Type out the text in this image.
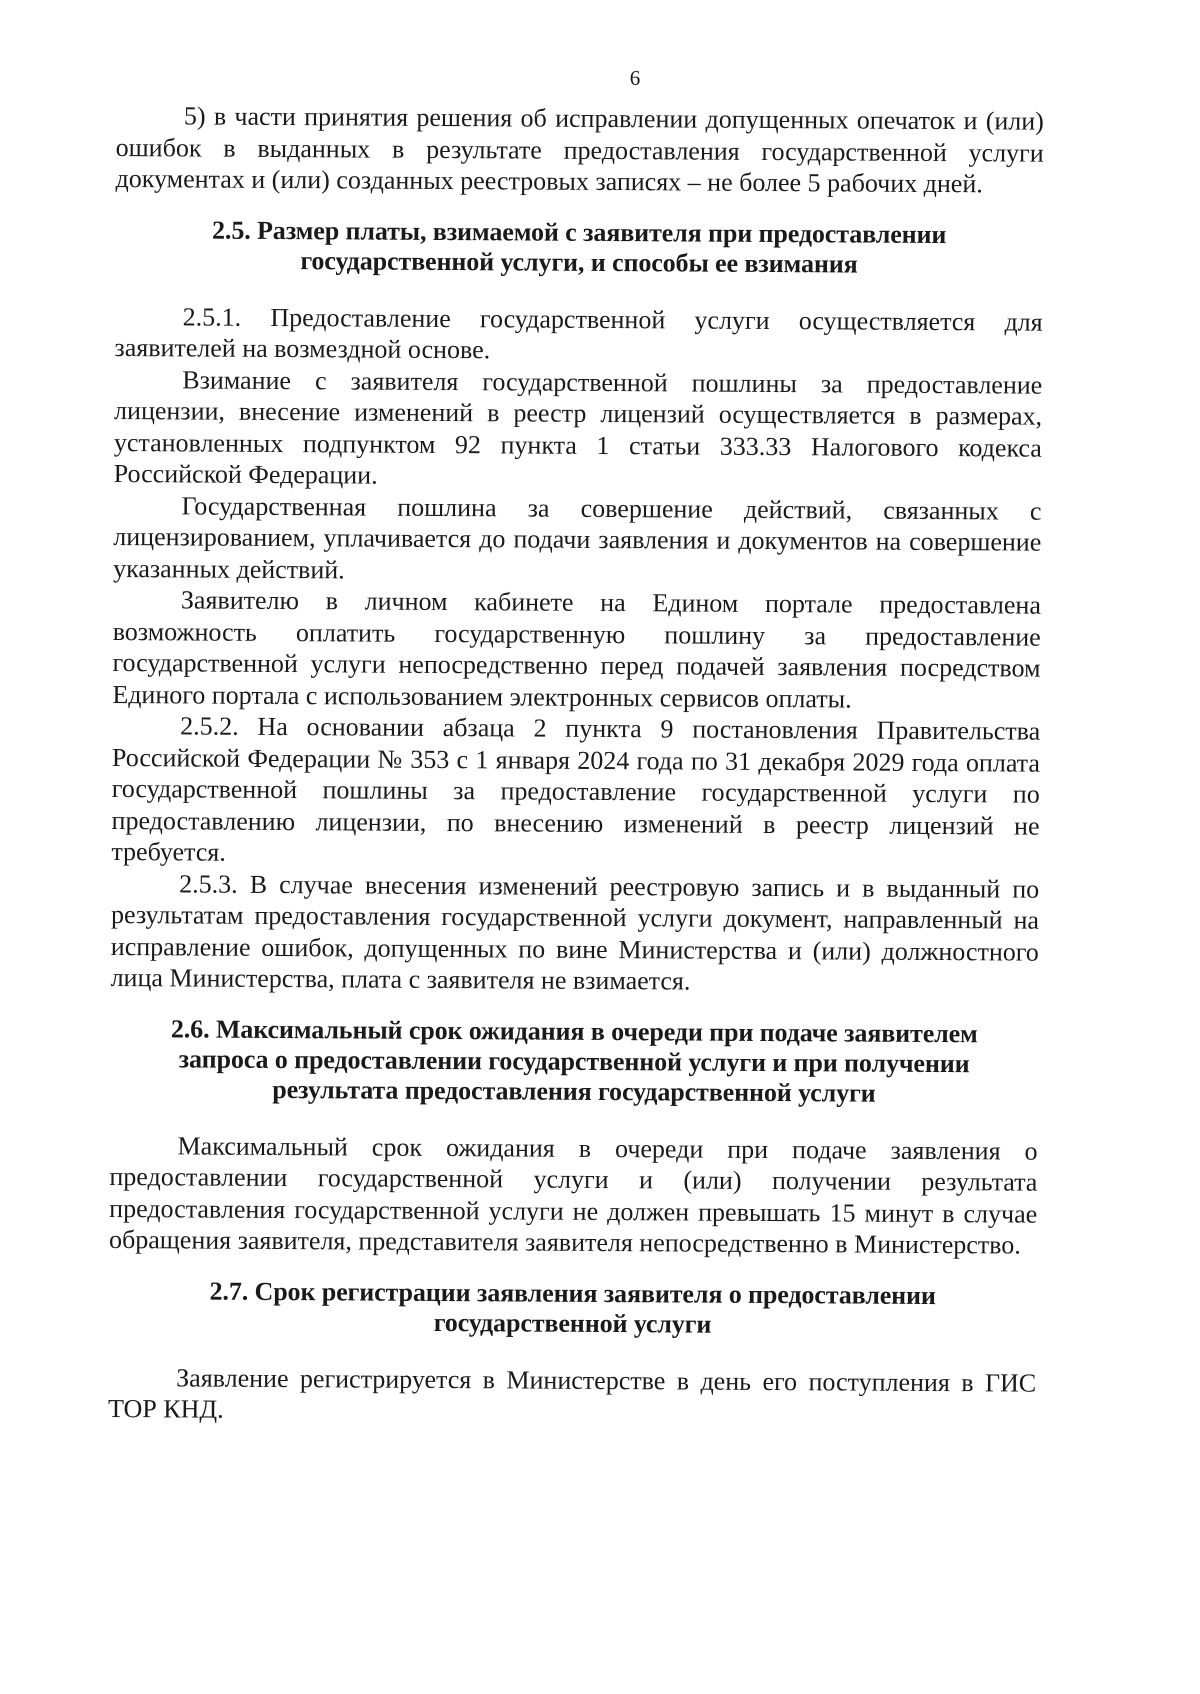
6

5) в части принятия решения об исправлении допущенных опечаток и (или) ошибок в выданных в результате предоставления государственной услуги документах и (или) созданных реестровых записях – не более 5 рабочих дней.

2.5. Размер платы, взимаемой с заявителя при предоставлении
государственной услуги, и способы ее взимания

2.5.1. Предоставление государственной услуги осуществляется для заявителей на возмездной основе.

Взимание с заявителя государственной пошлины за предоставление лицензии, внесение изменений в реестр лицензий осуществляется в размерах, установленных подпунктом 92 пункта 1 статьи 333.33 Налогового кодекса Российской Федерации.

Государственная пошлина за совершение действий, связанных с лицензированием, уплачивается до подачи заявления и документов на совершение указанных действий.

Заявителю в личном кабинете на Едином портале предоставлена возможность оплатить государственную пошлину за предоставление государственной услуги непосредственно перед подачей заявления посредством Единого портала с использованием электронных сервисов оплаты.

2.5.2. На основании абзаца 2 пункта 9 постановления Правительства Российской Федерации № 353 с 1 января 2024 года по 31 декабря 2029 года оплата государственной пошлины за предоставление государственной услуги по предоставлению лицензии, по внесению изменений в реестр лицензий не требуется.

2.5.3. В случае внесения изменений реестровую запись и в выданный по результатам предоставления государственной услуги документ, направленный на исправление ошибок, допущенных по вине Министерства и (или) должностного лица Министерства, плата с заявителя не взимается.

2.6. Максимальный срок ожидания в очереди при подаче заявителем
запроса о предоставлении государственной услуги и при получении
результата предоставления государственной услуги

Максимальный срок ожидания в очереди при подаче заявления о предоставлении государственной услуги и (или) получении результата предоставления государственной услуги не должен превышать 15 минут в случае обращения заявителя, представителя заявителя непосредственно в Министерство.

2.7. Срок регистрации заявления заявителя о предоставлении
государственной услуги

Заявление регистрируется в Министерстве в день его поступления в ГИС ТОР КНД.
